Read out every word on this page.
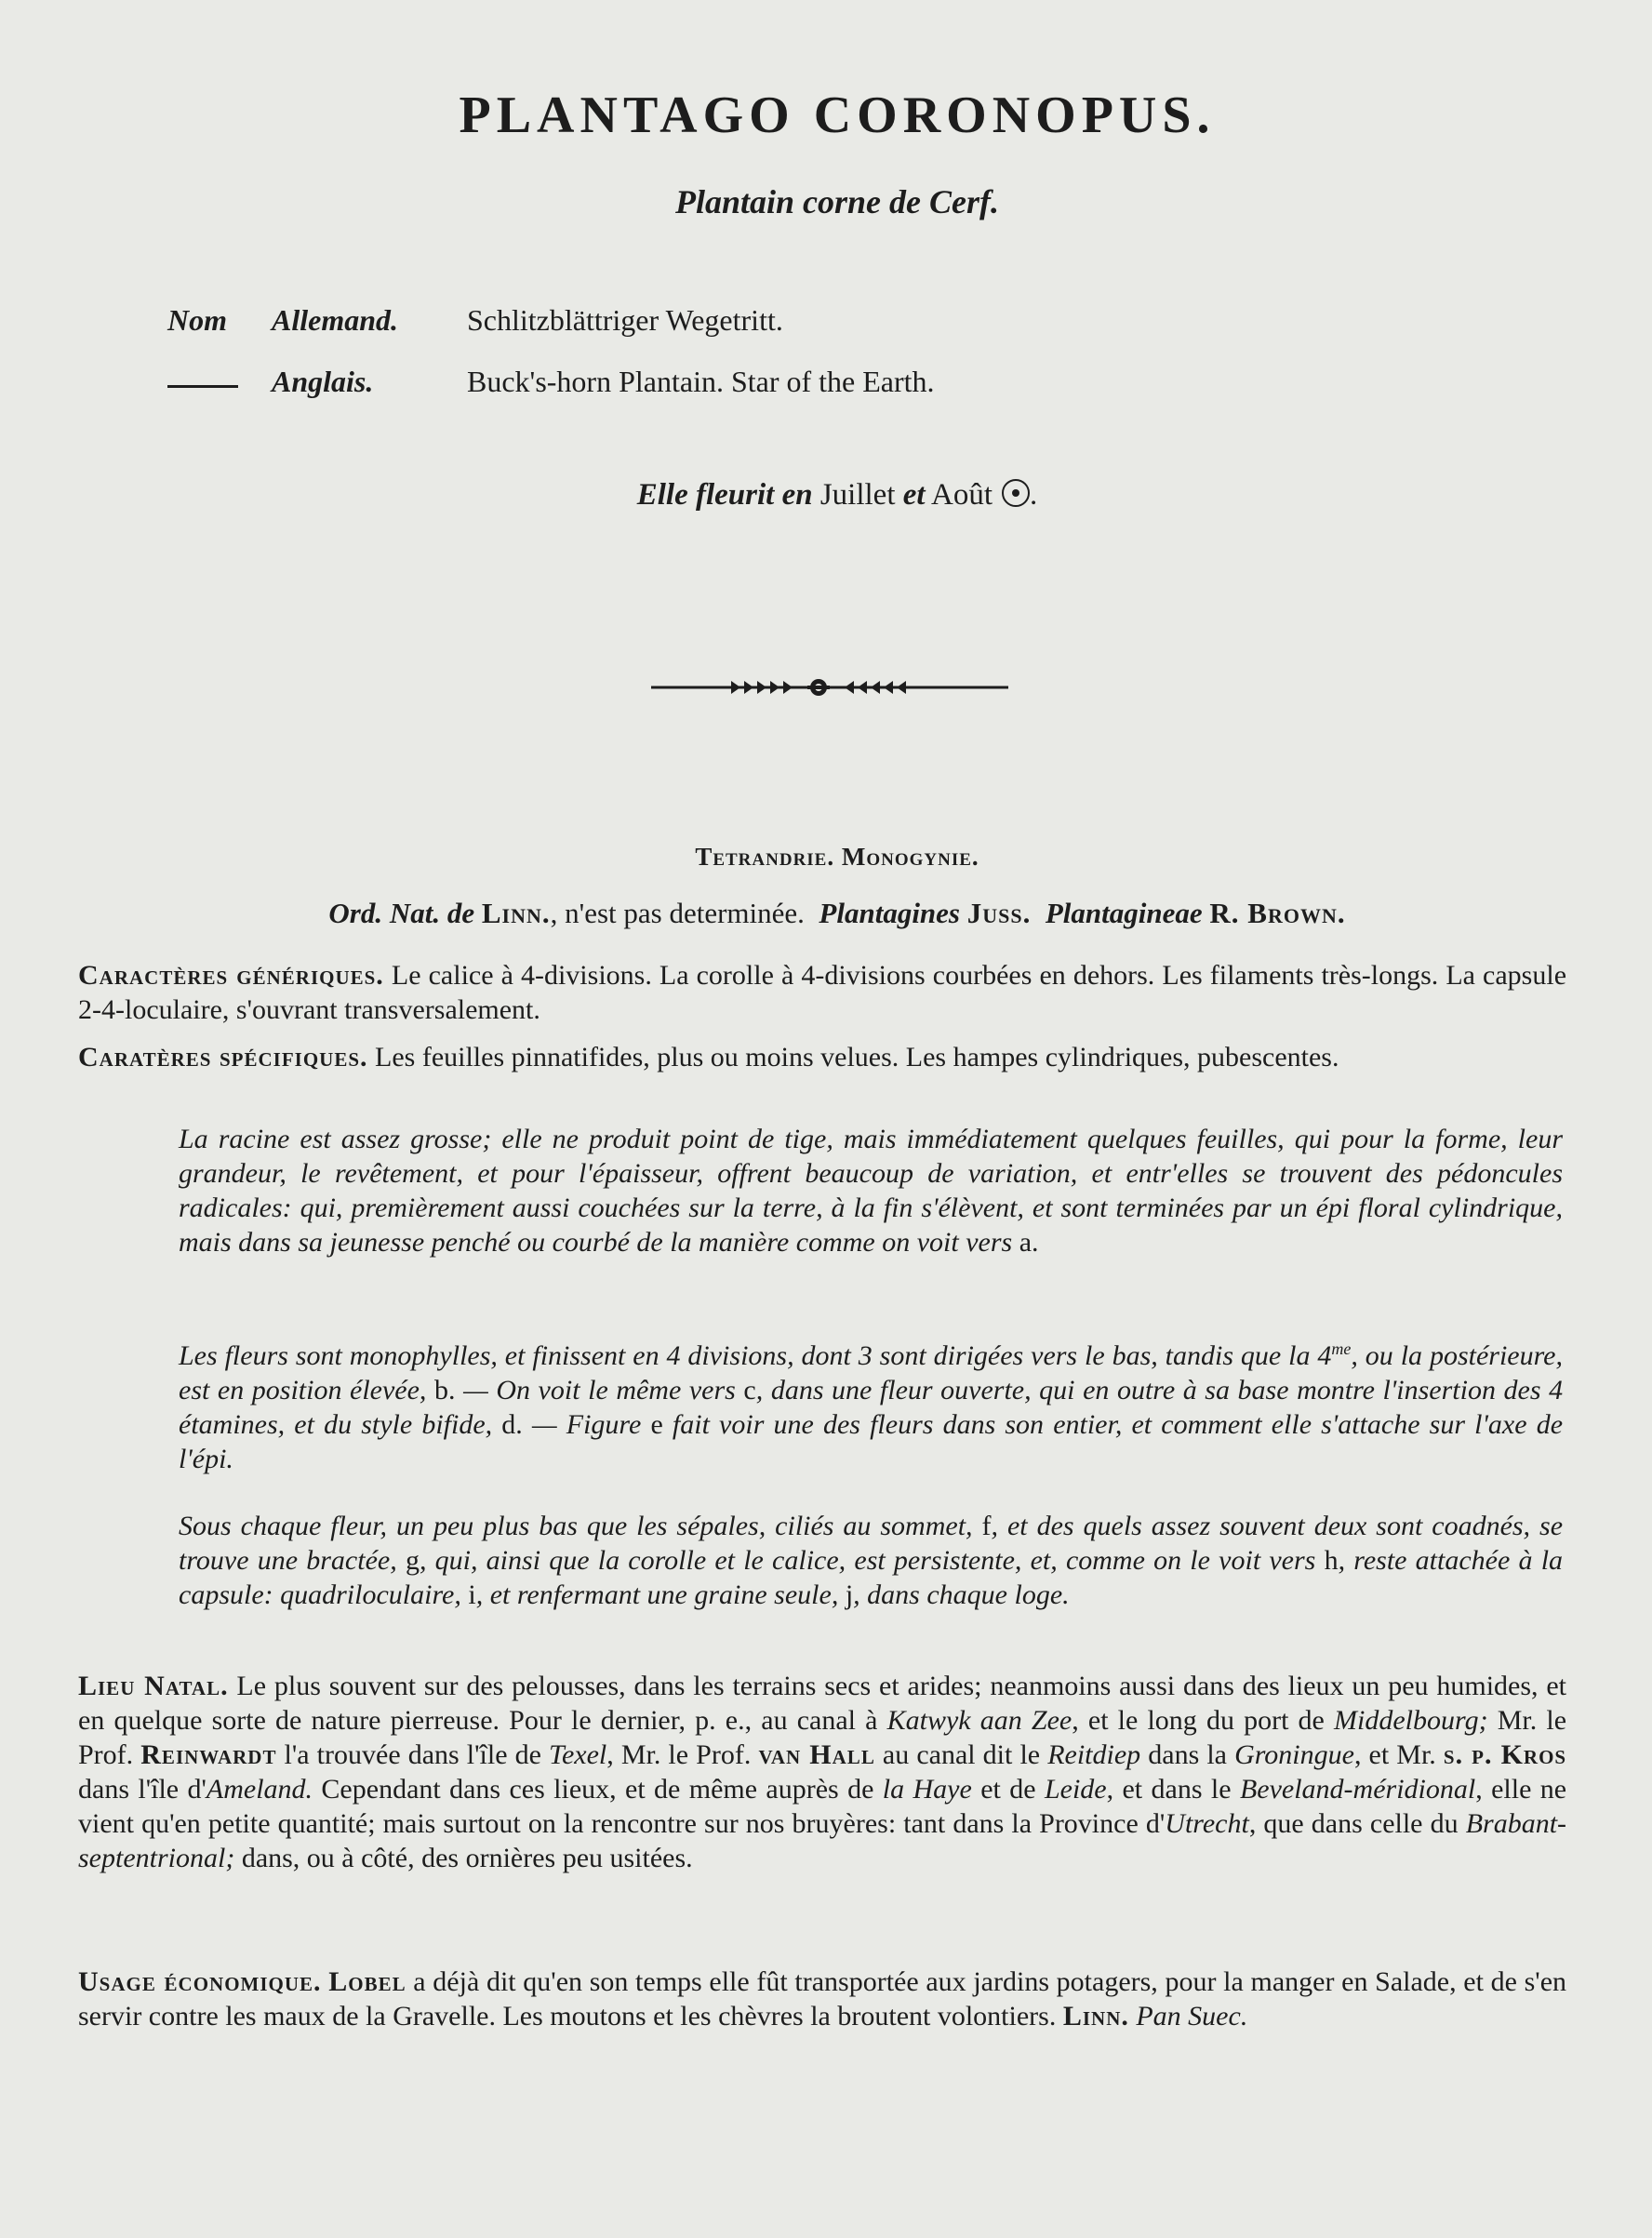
PLANTAGO CORONOPUS.
Plantain corne de Cerf.
Nom Allemand. Schlitzblättriger Wegetritt.
Anglais.	Buck's-horn Plantain. Star of the Earth.
Elle fleurit en Juillet et Août .
Tetrandrie. Monogynie.
Ord. Nat. de Linn., n'est pas determinée. Plantagines Juss. Plantagineae R. Brown.
Caractères génériques. Le calice à 4-divisions. La corolle à 4-divisions courbées en dehors. Les filaments très-longs. La capsule 2-4-loculaire, s'ouvrant transversalement.
Caratères spécifiques. Les feuilles pinnatifides, plus ou moins velues. Les hampes cylindriques, pubescentes.
La racine est assez grosse; elle ne produit point de tige, mais immédiatement quelques feuilles, qui pour la forme, leur grandeur, le revêtement, et pour l'épaisseur, offrent beaucoup de variation, et entr'elles se trouvent des pédoncules radicales: qui, premièrement aussi couchées sur la terre, à la fin s'élèvent, et sont terminées par un épi floral cylindrique, mais dans sa jeunesse penché ou courbé de la manière comme on voit vers a.
Les fleurs sont monophylles, et finissent en 4 divisions, dont 3 sont dirigées vers le bas, tandis que la $4^{me}$, ou la postérieure, est en position élevée, b. — On voit le même vers c, dans une fleur ouverte, qui en outre à sa base montre l'insertion des 4 étamines, et du style bifide, d. — Figure e fait voir une des fleurs dans son entier, et comment elle s'attache sur l'axe de l'épi.
Sous chaque fleur, un peu plus bas que les sépales, ciliés au sommet, f, et des quels assez souvent deux sont coadnés, se trouve une bractée, g, qui, ainsi que la corolle et le calice, est persistente, et, comme on le voit vers h, reste attachée à la capsule: quadriloculaire, i, et renfermant une graine seule, j, dans chaque loge.
Lieu Natal. Le plus souvent sur des pelousses, dans les terrains secs et arides; neanmoins aussi dans des lieux un peu humides, et en quelque sorte de nature pierreuse. Pour le dernier, p. e., au canal à Katwyk aan Zee, et le long du port de Middelbourg; Mr. le Prof. Reinwardt l'a trouvée dans l'île de Texel, Mr. le Prof. van Hall au canal dit le Reitdiep dans la Groningue, et Mr. s. p. Kros dans l'île d'Ameland. Cependant dans ces lieux, et de même auprès de la Haye et de Leide, et dans le Beveland-méridional, elle ne vient qu'en petite quantité; mais surtout on la rencontre sur nos bruyères: tant dans la Province d'Utrecht, que dans celle du Brabant-septentrional; dans, ou à côté, des ornières peu usitées.
Usage économique. Lobel a déjà dit qu'en son temps elle fût transportée aux jardins potagers, pour la manger en Salade, et de s'en servir contre les maux de la Gravelle. Les moutons et les chèvres la broutent volontiers. Linn. Pan Suec.
